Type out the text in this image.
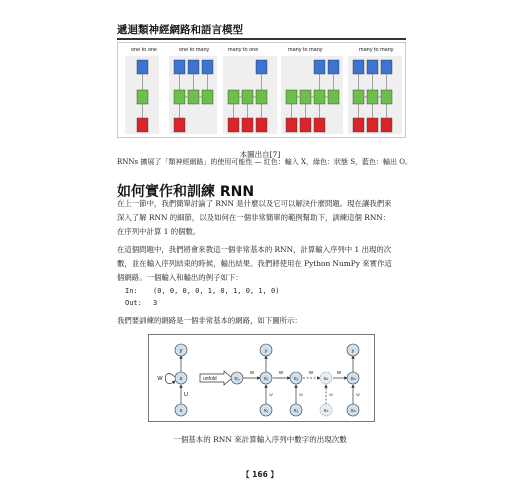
遞迴類神經網路和語言模型
one to one	one to many	many to one	many to many	many to many
本圖出自[7]
RNNs 擴展了「類神經網路」的使用可能性 — 紅色：輸入 X，綠色：狀態 S，藍色：輸出 O。
如何實作和訓練 RNN
在上一節中，我們簡單討論了 RNN 是什麼以及它可以解決什麼問題。現在讓我們來
深入了解 RNN 的細節，以及如何在一個非常簡單的範例幫助下，訓練這個 RNN：
在序列中計算 1 的個數。
在這個問題中，我們將會來教這一個非常基本的 RNN，計算輸入序列中 1 出現的次
數，並在輸入序列結束的時候，輸出結果。我們將使用在 Python NumPy 來實作這
個網路。一個輸入和輸出的例子如下：
In: (0, 0, 0, 0, 1, 0, 1, 0, 1, 0)
Out: 3
我們要訓練的網路是一個非常基本的網路，如下圖所示：
unfold
y
s
x
W
U
S₀	S₁	S₂	Sₖ	Sₙ
X₁	X₂	Xₖ	Xₙ
y	y
W	W	W	W
U	U	U	U
一個基本的 RNN 來計算輸入序列中數字的出現次數
【 166 】
